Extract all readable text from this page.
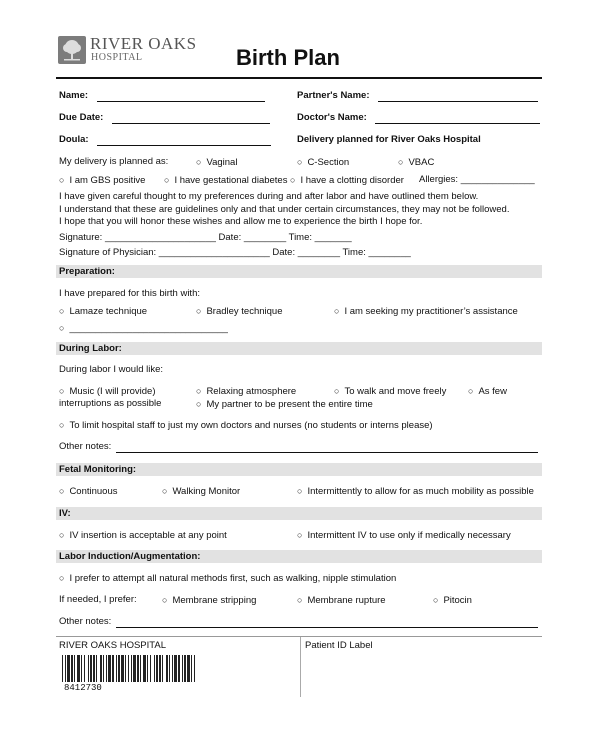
RIVER OAKS
HOSPITAL	Birth Plan
Name:	Partner's Name:
Due Date:	Doctor's Name:
Doula:	Delivery planned for River Oaks Hospital
My delivery is planned as:	○ Vaginal	○ C-Section	○ VBAC
○ I am GBS positive	○ I have gestational diabetes	○ I have a clotting disorder Allergies: ______________
I have given careful thought to my preferences during and after labor and have outlined them below.
I understand that these are guidelines only and that under certain circumstances, they may not be followed.
I hope that you will honor these wishes and allow me to experience the birth I hope for.
Signature: _____________________ Date: ________ Time: _______
Signature of Physician: _____________________ Date: ________ Time: ________
Preparation:
I have prepared for this birth with:
○ Lamaze technique	○ Bradley technique	○ I am seeking my practitioner’s assistance
○ ______________________________
During Labor:
During labor I would like:
○ Music (I will provide)	○ Relaxing atmosphere	○ To walk and move freely	○ As few
interruptions as possible	○ My partner to be present the entire time
○ To limit hospital staff to just my own doctors and nurses (no students or interns please)
Other notes:
Fetal Monitoring:
○ Continuous	○ Walking Monitor	○ Intermittently to allow for as much mobility as possible
IV:
○ IV insertion is acceptable at any point	○ Intermittent IV to use only if medically necessary
Labor Induction/Augmentation:
○ I prefer to attempt all natural methods first, such as walking, nipple stimulation
If needed, I prefer:	○ Membrane stripping	○ Membrane rupture	○ Pitocin
Other notes:
RIVER OAKS HOSPITAL	Patient ID Label
8412730
